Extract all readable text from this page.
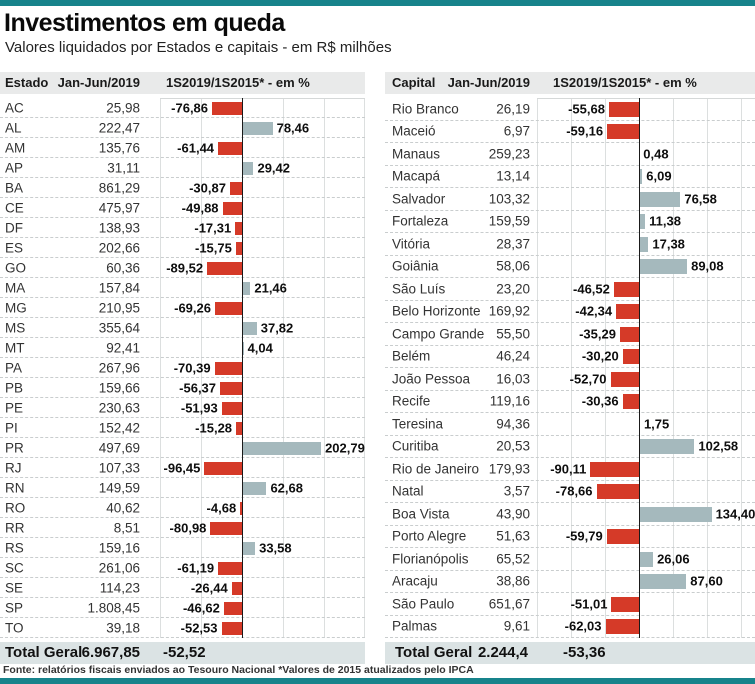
Investimentos em queda
Valores liquidados por Estados e capitais - em R$ milhões
Estado Jan-Jun/2019 1S2019/1S2015* - em %	Capital Jan-Jun/2019 1S2019/1S2015* - em %
AC	25,98 -76,86
AL	222,47	78,46
AM	135,76	-61,44
AP	31,11	29,42
BA	861,29	-30,87
CE	475,97	-49,88
DF	138,93	-17,31
ES	202,66	-15,75
GO	60,36 -89,52
MA	157,84	21,46
MG	210,95	-69,26
MS	355,64	37,82
MT	92,41	4,04
PA	267,96	-70,39
PB	159,66	-56,37
PE	230,63	-51,93
PI	152,42	-15,28
PR	497,69	202,79
RJ	107,33 -96,45
RN	149,59	62,68
RO	40,62	-4,68
RR	8,51 -80,98
RS	159,16	33,58
SC	261,06	-61,19
SE	114,23	-26,44
SP	1.808,45	-46,62
TO	39,18	-52,53
Rio Branco	26,19	-55,68
Maceió	6,97	-59,16
Manaus	259,23	0,48
Macapá	13,14	6,09
Salvador	103,32	76,58
Fortaleza	159,59	11,38
Vitória	28,37	17,38
Goiânia	58,06	89,08
São Luís	23,20	-46,52
Belo Horizonte 169,92	-42,34
Campo Grande 55,50	-35,29
Belém	46,24	-30,20
João Pessoa	16,03	-52,70
Recife	119,16	-30,36
Teresina	94,36	1,75
Curitiba	20,53	102,58
Rio de Janeiro 179,93 -90,11
Natal	3,57 -78,66
Boa Vista	43,90	134,40
Porto Alegre	51,63	-59,79
Florianópolis	65,52	26,06
Aracaju	38,86	87,60
São Paulo	651,67	-51,01
Palmas	9,61	-62,03
Total Geral 6.967,85 -52,52	Total Geral 2.244,4 -53,36
Fonte: relatórios fiscais enviados ao Tesouro Nacional *Valores de 2015 atualizados pelo IPCA
